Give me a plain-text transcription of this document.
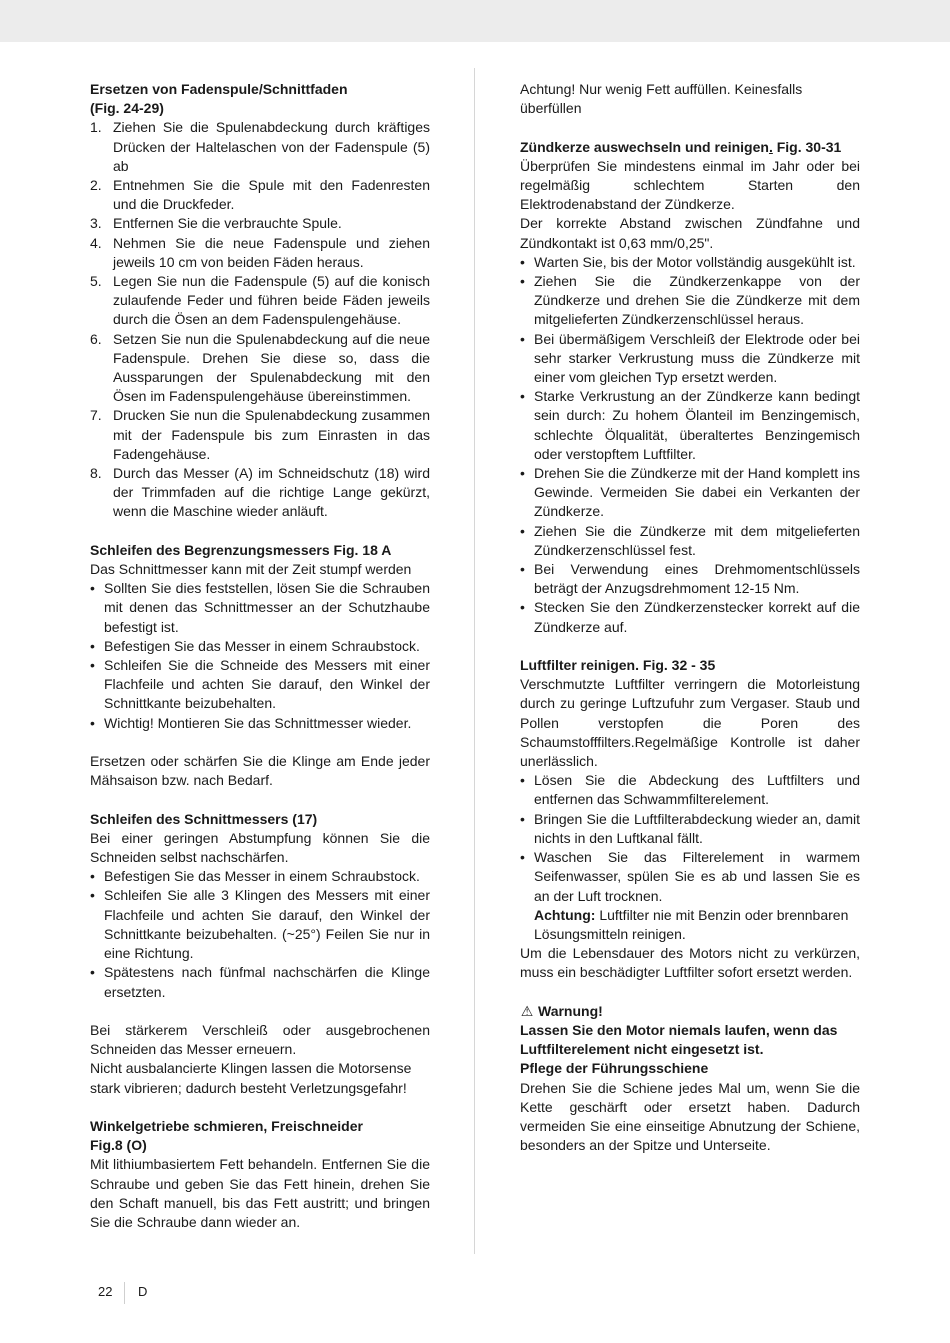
Ersetzen von Fadenspule/Schnittfaden

(Fig. 24-29)

1. Ziehen Sie die Spulenabdeckung durch kräftiges Drücken der Haltelaschen von der Fadenspule (5) ab
2. Entnehmen Sie die Spule mit den Fadenresten und die Druckfeder.
3. Entfernen Sie die verbrauchte Spule.
4. Nehmen Sie die neue Fadenspule und ziehen jeweils 10 cm von beiden Fäden heraus.
5. Legen Sie nun die Fadenspule (5) auf die konisch zulaufende Feder und führen beide Fäden jeweils durch die Ösen an dem Fadenspulengehäuse.
6. Setzen Sie nun die Spulenabdeckung auf die neue Fadenspule. Drehen Sie diese so, dass die Aussparungen der Spulenabdeckung mit den Ösen im Fadenspulengehäuse übereinstimmen.
7. Drucken Sie nun die Spulenabdeckung zusammen mit der Fadenspule bis zum Einrasten in das Fadengehäuse.
8. Durch das Messer (A) im Schneidschutz (18) wird der Trimmfaden auf die richtige Lange gekürzt, wenn die Maschine wieder anläuft.

Schleifen des Begrenzungsmessers Fig. 18 A

Das Schnittmesser kann mit der Zeit stumpf werden

• Sollten Sie dies feststellen, lösen Sie die Schrauben mit denen das Schnittmesser an der Schutzhaube befestigt ist.
• Befestigen Sie das Messer in einem Schraubstock.
• Schleifen Sie die Schneide des Messers mit einer Flachfeile und achten Sie darauf, den Winkel der Schnittkante beizubehalten.
• Wichtig! Montieren Sie das Schnittmesser wieder.

Ersetzen oder schärfen Sie die Klinge am Ende jeder Mähsaison bzw. nach Bedarf.

Schleifen des Schnittmessers (17)

Bei einer geringen Abstumpfung können Sie die Schneiden selbst nachschärfen.

• Befestigen Sie das Messer in einem Schraubstock.
• Schleifen Sie alle 3 Klingen des Messers mit einer Flachfeile und achten Sie darauf, den Winkel der Schnittkante beizubehalten. (~25°) Feilen Sie nur in eine Richtung.
• Spätestens nach fünfmal nachschärfen die Klinge ersetzten.

Bei stärkerem Verschleiß oder ausgebrochenen Schneiden das Messer erneuern.

Nicht ausbalancierte Klingen lassen die Motorsense stark vibrieren; dadurch besteht Verletzungsgefahr!

Winkelgetriebe schmieren, Freischneider

Fig.8 (O)

Mit lithiumbasiertem Fett behandeln. Entfernen Sie die Schraube und geben Sie das Fett hinein, drehen Sie den Schaft manuell, bis das Fett austritt; und bringen Sie die Schraube dann wieder an.

Achtung! Nur wenig Fett auffüllen. Keinesfalls überfüllen

Zündkerze auswechseln und reinigen. Fig. 30-31

Überprüfen Sie mindestens einmal im Jahr oder bei regelmäßig schlechtem Starten den Elektrodenabstand der Zündkerze.

Der korrekte Abstand zwischen Zündfahne und Zündkontakt ist 0,63 mm/0,25".

• Warten Sie, bis der Motor vollständig ausgekühlt ist.
• Ziehen Sie die Zündkerzenkappe von der Zündkerze und drehen Sie die Zündkerze mit dem mitgelieferten Zündkerzenschlüssel heraus.
• Bei übermäßigem Verschleiß der Elektrode oder bei sehr starker Verkrustung muss die Zündkerze mit einer vom gleichen Typ ersetzt werden.
• Starke Verkrustung an der Zündkerze kann bedingt sein durch: Zu hohem Ölanteil im Benzingemisch, schlechte Ölqualität, überaltertes Benzingemisch oder verstopftem Luftfilter.
• Drehen Sie die Zündkerze mit der Hand komplett ins Gewinde. Vermeiden Sie dabei ein Verkanten der Zündkerze.
• Ziehen Sie die Zündkerze mit dem mitgelieferten Zündkerzenschlüssel fest.
• Bei Verwendung eines Drehmomentschlüssels beträgt der Anzugsdrehmoment 12-15 Nm.
• Stecken Sie den Zündkerzenstecker korrekt auf die Zündkerze auf.

Luftfilter reinigen. Fig. 32 - 35

Verschmutzte Luftfilter verringern die Motorleistung durch zu geringe Luftzufuhr zum Vergaser. Staub und Pollen verstopfen die Poren des Schaumstofffilters.Regelmäßige Kontrolle ist daher unerlässlich.

• Lösen Sie die Abdeckung des Luftfilters und entfernen das Schwammfilterelement.
• Bringen Sie die Luftfilterabdeckung wieder an, damit nichts in den Luftkanal fällt.
• Waschen Sie das Filterelement in warmem Seifenwasser, spülen Sie es ab und lassen Sie es an der Luft trocknen.

Achtung: Luftfilter nie mit Benzin oder brennbaren Lösungsmitteln reinigen.

Um die Lebensdauer des Motors nicht zu verkürzen, muss ein beschädigter Luftfilter sofort ersetzt werden.

⚠ Warnung!

Lassen Sie den Motor niemals laufen, wenn das Luftfilterelement nicht eingesetzt ist.

Pflege der Führungsschiene

Drehen Sie die Schiene jedes Mal um, wenn Sie die Kette geschärft oder ersetzt haben. Dadurch vermeiden Sie eine einseitige Abnutzung der Schiene, besonders an der Spitze und Unterseite.

22 D
